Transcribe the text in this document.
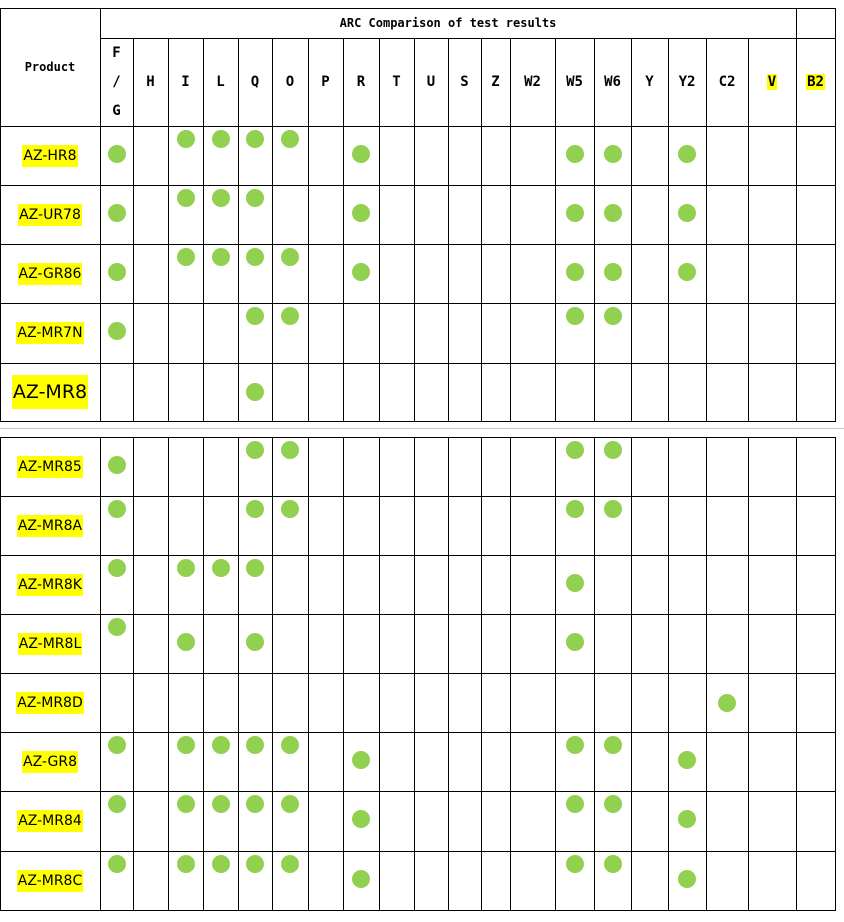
ARC Comparison of test results
Product
F
/
G
H I L Q O P R T U S Z W2 W5 W6 Y Y2 C2 V B2
AZ-HR8
AZ-UR78
AZ-GR86
AZ-MR7N
AZ-MR8
AZ-MR85
AZ-MR8A
AZ-MR8K
AZ-MR8L
AZ-MR8D
AZ-GR8
AZ-MR84
AZ-MR8C
